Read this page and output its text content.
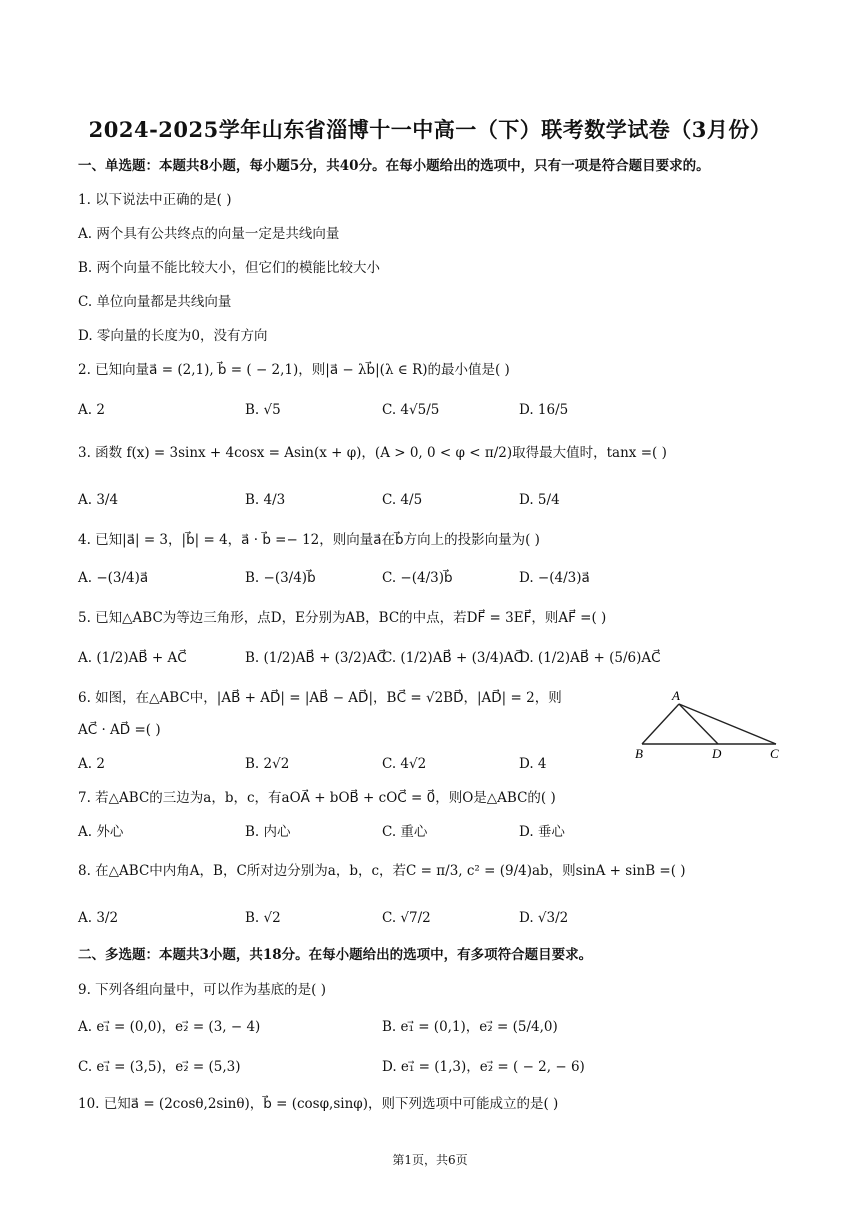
2024-2025学年山东省淄博十一中高一（下）联考数学试卷（3月份）
一、单选题：本题共8小题，每小题5分，共40分。在每小题给出的选项中，只有一项是符合题目要求的。
1. 以下说法中正确的是( )
A. 两个具有公共终点的向量一定是共线向量
B. 两个向量不能比较大小，但它们的模能比较大小
C. 单位向量都是共线向量
D. 零向量的长度为0，没有方向
2. 已知向量a⃗ = (2,1), b⃗ = ( − 2,1)，则|a⃗ − λb⃗|(λ ∈ R)的最小值是( )
A. 2	B. √5	C. 4√5/5	D. 16/5
3. 函数 f(x) = 3sinx + 4cosx = Asin(x + φ)，(A > 0, 0 < φ < π/2)取得最大值时，tanx =( )
A. 3/4	B. 4/3	C. 4/5	D. 5/4
4. 已知|a⃗| = 3，|b⃗| = 4，a⃗ · b⃗ =− 12，则向量a⃗在b⃗方向上的投影向量为( )
A. −(3/4)a⃗	B. −(3/4)b⃗	C. −(4/3)b⃗	D. −(4/3)a⃗
5. 已知△ABC为等边三角形，点D，E分别为AB，BC的中点，若DF⃗ = 3EF⃗，则AF⃗ =( )
A. (1/2)AB⃗ + AC⃗	B. (1/2)AB⃗ + (3/2)AC⃗
C. (1/2)AB⃗ + (3/4)AC⃗
D. (1/2)AB⃗ + (5/6)AC⃗
6. 如图，在△ABC中，|AB⃗ + AD⃗| = |AB⃗ − AD⃗|，BC⃗ = √2BD⃗，|AD⃗| = 2，则
AC⃗ · AD⃗ =( )
A. 2	B. 2√2	C. 4√2	D. 4
A
B	D	C
7. 若△ABC的三边为a，b，c，有aOA⃗ + bOB⃗ + cOC⃗ = 0⃗，则O是△ABC的( )
A. 外心	B. 内心	C. 重心	D. 垂心
8. 在△ABC中内角A，B，C所对边分别为a，b，c，若C = π/3, c² = (9/4)ab，则sinA + sinB =( )
A. 3/2	B. √2	C. √7/2	D. √3/2
二、多选题：本题共3小题，共18分。在每小题给出的选项中，有多项符合题目要求。
9. 下列各组向量中，可以作为基底的是( )
A. e₁⃗ = (0,0)，e₂⃗ = (3, − 4)	B. e₁⃗ = (0,1)，e₂⃗ = (5/4,0)
C. e₁⃗ = (3,5)，e₂⃗ = (5,3)	D. e₁⃗ = (1,3)，e₂⃗ = ( − 2, − 6)
10. 已知a⃗ = (2cosθ,2sinθ)，b⃗ = (cosφ,sinφ)，则下列选项中可能成立的是( )
第1页，共6页
